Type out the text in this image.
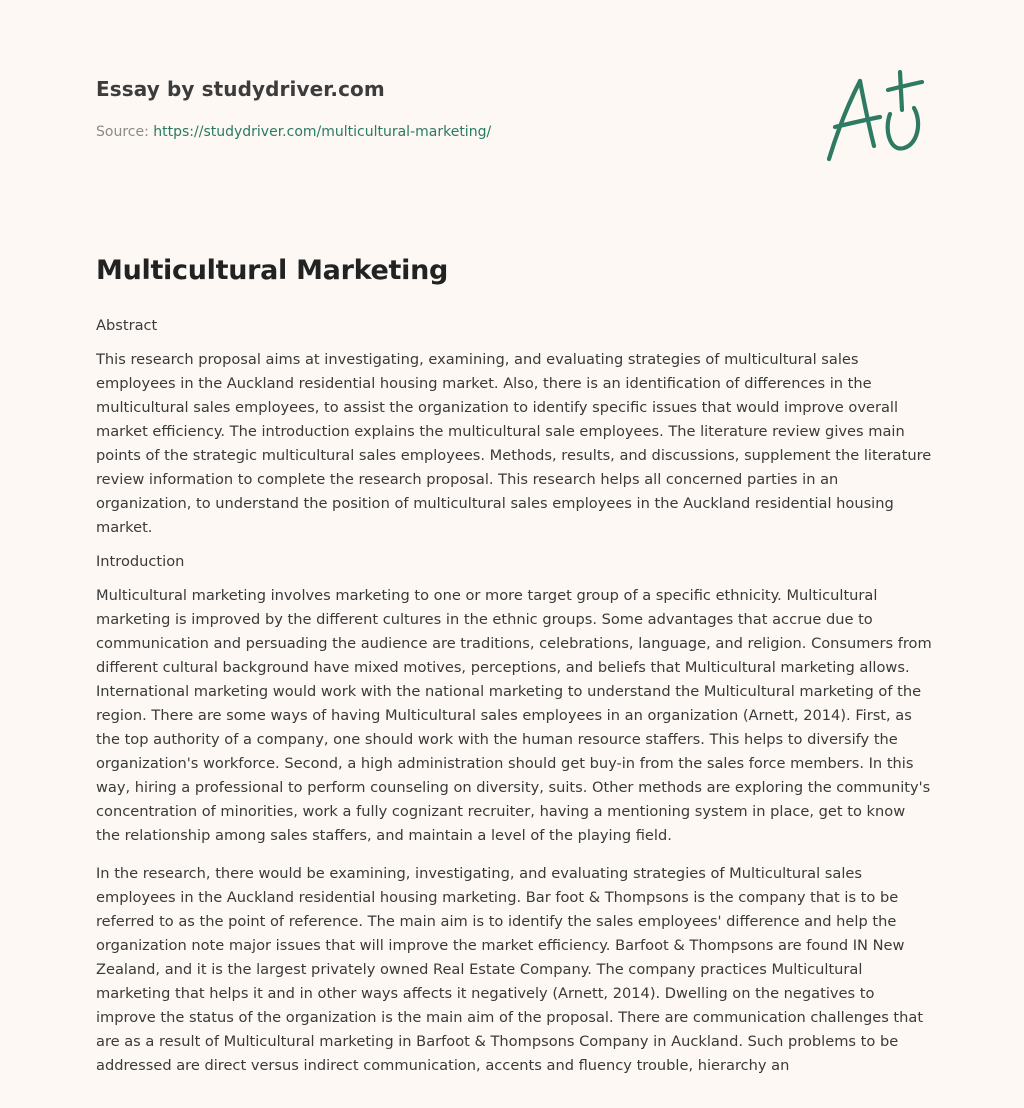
Essay by studydriver.com
Source: https://studydriver.com/multicultural-marketing/
Multicultural Marketing
Abstract

This research proposal aims at investigating, examining, and evaluating strategies of multicultural sales employees in the Auckland residential housing market. Also, there is an identification of differences in the multicultural sales employees, to assist the organization to identify specific issues that would improve overall market efficiency. The introduction explains the multicultural sale employees. The literature review gives main points of the strategic multicultural sales employees. Methods, results, and discussions, supplement the literature review information to complete the research proposal. This research helps all concerned parties in an organization, to understand the position of multicultural sales employees in the Auckland residential housing market.

Introduction

Multicultural marketing involves marketing to one or more target group of a specific ethnicity. Multicultural marketing is improved by the different cultures in the ethnic groups. Some advantages that accrue due to communication and persuading the audience are traditions, celebrations, language, and religion. Consumers from different cultural background have mixed motives, perceptions, and beliefs that Multicultural marketing allows. International marketing would work with the national marketing to understand the Multicultural marketing of the region. There are some ways of having Multicultural sales employees in an organization (Arnett, 2014). First, as the top authority of a company, one should work with the human resource staffers. This helps to diversify the organization's workforce. Second, a high administration should get buy-in from the sales force members. In this way, hiring a professional to perform counseling on diversity, suits. Other methods are exploring the community's concentration of minorities, work a fully cognizant recruiter, having a mentioning system in place, get to know the relationship among sales staffers, and maintain a level of the playing field.

In the research, there would be examining, investigating, and evaluating strategies of Multicultural sales employees in the Auckland residential housing marketing. Bar foot & Thompsons is the company that is to be referred to as the point of reference. The main aim is to identify the sales employees' difference and help the organization note major issues that will improve the market efficiency. Barfoot & Thompsons are found IN New Zealand, and it is the largest privately owned Real Estate Company. The company practices Multicultural marketing that helps it and in other ways affects it negatively (Arnett, 2014). Dwelling on the negatives to improve the status of the organization is the main aim of the proposal. There are communication challenges that are as a result of Multicultural marketing in Barfoot & Thompsons Company in Auckland. Such problems to be addressed are direct versus indirect communication, accents and fluency trouble, hierarchy an
